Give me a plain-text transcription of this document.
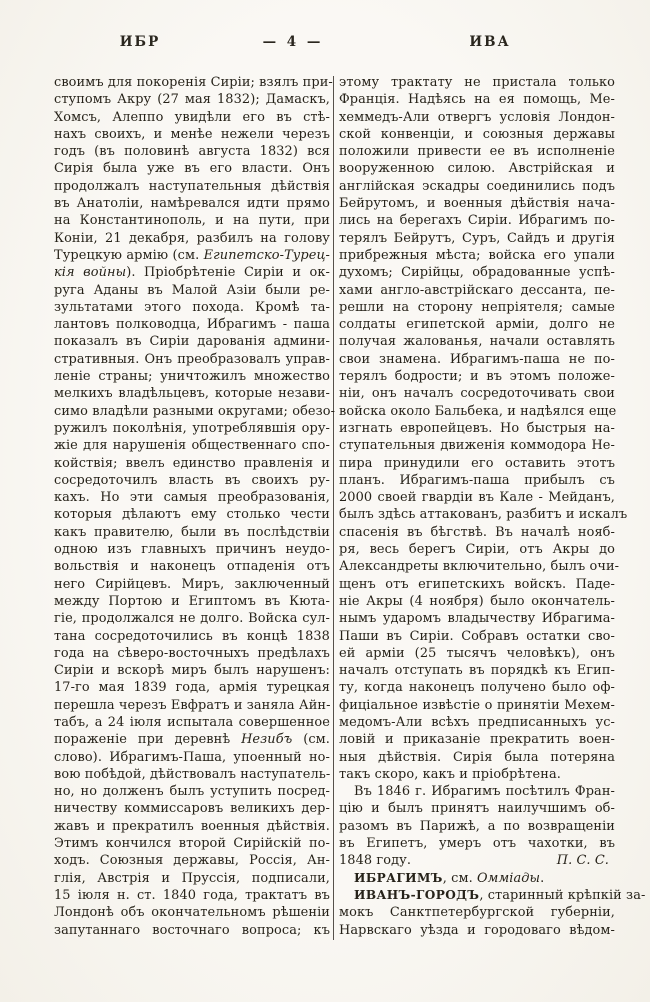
ИБР	— 4 —	ИВА
своимъ для покоренія Сиріи; взялъ при-
ступомъ Акру (27 мая 1832); Дамаскъ,
Хомсъ, Алеппо увидѣли его въ стѣ-
нахъ своихъ, и менѣе нежели черезъ
годъ (въ половинѣ августа 1832) вся
Сирія была уже въ его власти. Онъ
продолжалъ наступательныя дѣйствія
въ Анатоліи, намѣревался идти прямо
на Константинополь, и на пути, при
Коніи, 21 декабря, разбилъ на голову
Турецкую армію (см. Египетско-Турец-
кія войны). Пріобрѣтеніе Сиріи и ок-
руга Аданы въ Малой Азіи были ре-
зультатами этого похода. Кромѣ та-
лантовъ полководца, Ибрагимъ - паша
показалъ въ Сиріи дарованія админи-
стративныя. Онъ преобразовалъ управ-
леніе страны; уничтожилъ множество
мелкихъ владѣльцевъ, которые незави-
симо владѣли разными округами; обезо-
ружилъ поколѣнія, употреблявшія ору-
жіе для нарушенія общественнаго спо-
койствія; ввелъ единство правленія и
сосредоточилъ власть въ своихъ ру-
кахъ. Но эти самыя преобразованія,
которыя дѣлаютъ ему столько чести
какъ правителю, были въ послѣдствіи
одною изъ главныхъ причинъ неудо-
вольствія и наконецъ отпаденія отъ
него Сирійцевъ. Миръ, заключенный
между Портою и Египтомъ въ Кюта-
гіе, продолжался не долго. Войска сул-
тана сосредоточились въ концѣ 1838
года на сѣверо-восточныхъ предѣлахъ
Сиріи и вскорѣ миръ былъ нарушенъ:
17-го мая 1839 года, армія турецкая
перешла черезъ Евфратъ и заняла Айн-
табъ, а 24 іюля испытала совершенное
пораженіе при деревнѣ Незибъ (см.
слово). Ибрагимъ-Паша, упоенный но-
вою побѣдой, дѣйствовалъ наступатель-
но, но долженъ былъ уступить посред-
ничеству коммиссаровъ великихъ дер-
жавъ и прекратилъ военныя дѣйствія.
Этимъ кончился второй Сирійскій по-
ходъ. Союзныя державы, Россія, Ан-
глія, Австрія и Пруссія, подписали,
15 іюля н. ст. 1840 года, трактатъ въ
Лондонѣ объ окончательномъ рѣшеніи
запутаннаго восточнаго вопроса; къ
этому трактату не пристала только
Франція. Надѣясь на ея помощь, Ме-
хеммедъ-Али отвергъ условія Лондон-
ской конвенціи, и союзныя державы
положили привести ее въ исполненіе
вооруженною силою. Австрійская и
англійская эскадры соединились подъ
Бейрутомъ, и военныя дѣйствія нача-
лись на берегахъ Сиріи. Ибрагимъ по-
терялъ Бейрутъ, Суръ, Сайдъ и другія
прибрежныя мѣста; войска его упали
духомъ; Сирійцы, обрадованные успѣ-
хами англо-австрійскаго дессанта, пе-
решли на сторону непріятеля; самые
солдаты египетской арміи, долго не
получая жалованья, начали оставлять
свои знамена. Ибрагимъ-паша не по-
терялъ бодрости; и въ этомъ положе-
ніи, онъ началъ сосредоточивать свои
войска около Бальбека, и надѣялся еще
изгнать европейцевъ. Но быстрыя на-
ступательныя движенія коммодора Не-
пира принудили его оставить этотъ
планъ. Ибрагимъ-паша прибылъ съ
2000 своей гвардіи въ Кале - Мейданъ,
былъ здѣсь аттакованъ, разбитъ и искалъ
спасенія въ бѣгствѣ. Въ началѣ нояб-
ря, весь берегъ Сиріи, отъ Акры до
Александреты включительно, былъ очи-
щенъ отъ египетскихъ войскъ. Паде-
ніе Акры (4 ноября) было окончатель-
нымъ ударомъ владычеству Ибрагима-
Паши въ Сиріи. Собравъ остатки сво-
ей арміи (25 тысячъ человѣкъ), онъ
началъ отступать въ порядкѣ къ Егип-
ту, когда наконецъ получено было оф-
фиціальное извѣстіе о принятіи Мехем-
медомъ-Али всѣхъ предписанныхъ ус-
ловій и приказаніе прекратить воен-
ныя дѣйствія. Сирія была потеряна
такъ скоро, какъ и пріобрѣтена.
Въ 1846 г. Ибрагимъ посѣтилъ Фран-
цію и былъ принятъ наилучшимъ об-
разомъ въ Парижѣ, а по возвращеніи
въ Египетъ, умеръ отъ чахотки, въ
1848 году.	П. С. С.
ИБРАГИМЪ, см. Омміады.
ИВАНЪ-ГОРОДЪ, старинный крѣпкій за-
мокъ Санктпетербургской губерніи,
Нарвскаго уѣзда и городоваго вѣдом-
